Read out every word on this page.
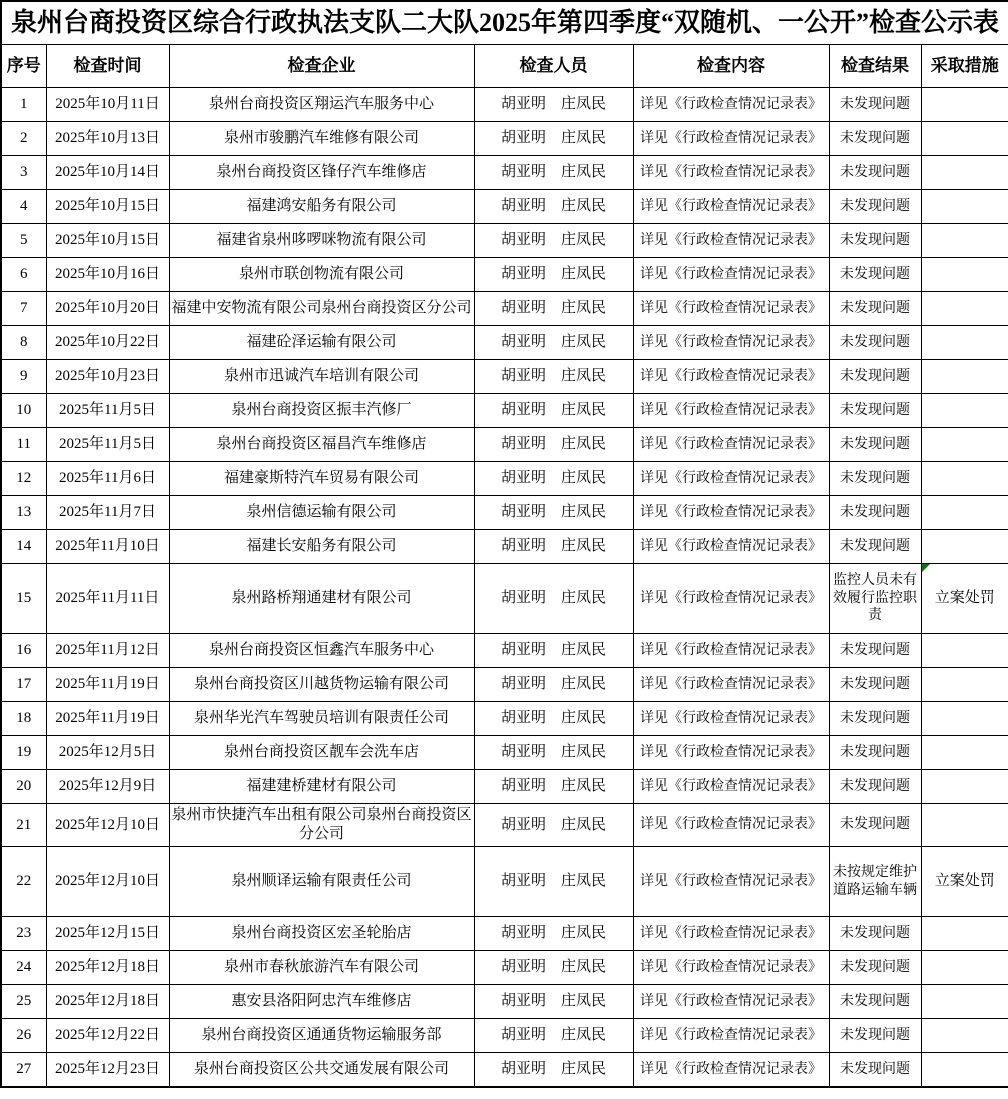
泉州台商投资区综合行政执法支队二大队2025年第四季度“双随机、一公开”检查公示表						
序号	检查时间	检查企业	检查人员	检查内容	检查结果	采取措施
1	2025年10月11日	泉州台商投资区翔运汽车服务中心	胡亚明　庄凤民	详见《行政检查情况记录表》	未发现问题	
2	2025年10月13日	泉州市骏鹏汽车维修有限公司	胡亚明　庄凤民	详见《行政检查情况记录表》	未发现问题	
3	2025年10月14日	泉州台商投资区锋仔汽车维修店	胡亚明　庄凤民	详见《行政检查情况记录表》	未发现问题	
4	2025年10月15日	福建鸿安船务有限公司	胡亚明　庄凤民	详见《行政检查情况记录表》	未发现问题	
5	2025年10月15日	福建省泉州哆啰咪物流有限公司	胡亚明　庄凤民	详见《行政检查情况记录表》	未发现问题	
6	2025年10月16日	泉州市联创物流有限公司	胡亚明　庄凤民	详见《行政检查情况记录表》	未发现问题	
7	2025年10月20日	福建中安物流有限公司泉州台商投资区分公司	胡亚明　庄凤民	详见《行政检查情况记录表》	未发现问题	
8	2025年10月22日	福建砼泽运输有限公司	胡亚明　庄凤民	详见《行政检查情况记录表》	未发现问题	
9	2025年10月23日	泉州市迅诚汽车培训有限公司	胡亚明　庄凤民	详见《行政检查情况记录表》	未发现问题	
10	2025年11月5日	泉州台商投资区振丰汽修厂	胡亚明　庄凤民	详见《行政检查情况记录表》	未发现问题	
11	2025年11月5日	泉州台商投资区福昌汽车维修店	胡亚明　庄凤民	详见《行政检查情况记录表》	未发现问题	
12	2025年11月6日	福建豪斯特汽车贸易有限公司	胡亚明　庄凤民	详见《行政检查情况记录表》	未发现问题	
13	2025年11月7日	泉州信德运输有限公司	胡亚明　庄凤民	详见《行政检查情况记录表》	未发现问题	
14	2025年11月10日	福建长安船务有限公司	胡亚明　庄凤民	详见《行政检查情况记录表》	未发现问题	
15	2025年11月11日	泉州路桥翔通建材有限公司	胡亚明　庄凤民	详见《行政检查情况记录表》	监控人员未有效履行监控职责	立案处罚
16	2025年11月12日	泉州台商投资区恒鑫汽车服务中心	胡亚明　庄凤民	详见《行政检查情况记录表》	未发现问题	
17	2025年11月19日	泉州台商投资区川越货物运输有限公司	胡亚明　庄凤民	详见《行政检查情况记录表》	未发现问题	
18	2025年11月19日	泉州华光汽车驾驶员培训有限责任公司	胡亚明　庄凤民	详见《行政检查情况记录表》	未发现问题	
19	2025年12月5日	泉州台商投资区靓车会洗车店	胡亚明　庄凤民	详见《行政检查情况记录表》	未发现问题	
20	2025年12月9日	福建建桥建材有限公司	胡亚明　庄凤民	详见《行政检查情况记录表》	未发现问题	
21	2025年12月10日	泉州市快捷汽车出租有限公司泉州台商投资区分公司	胡亚明　庄凤民	详见《行政检查情况记录表》	未发现问题	
22	2025年12月10日	泉州顺译运输有限责任公司	胡亚明　庄凤民	详见《行政检查情况记录表》	未按规定维护道路运输车辆	立案处罚
23	2025年12月15日	泉州台商投资区宏圣轮胎店	胡亚明　庄凤民	详见《行政检查情况记录表》	未发现问题	
24	2025年12月18日	泉州市春秋旅游汽车有限公司	胡亚明　庄凤民	详见《行政检查情况记录表》	未发现问题	
25	2025年12月18日	惠安县洛阳阿忠汽车维修店	胡亚明　庄凤民	详见《行政检查情况记录表》	未发现问题	
26	2025年12月22日	泉州台商投资区通通货物运输服务部	胡亚明　庄凤民	详见《行政检查情况记录表》	未发现问题	
27	2025年12月23日	泉州台商投资区公共交通发展有限公司	胡亚明　庄凤民	详见《行政检查情况记录表》	未发现问题	
